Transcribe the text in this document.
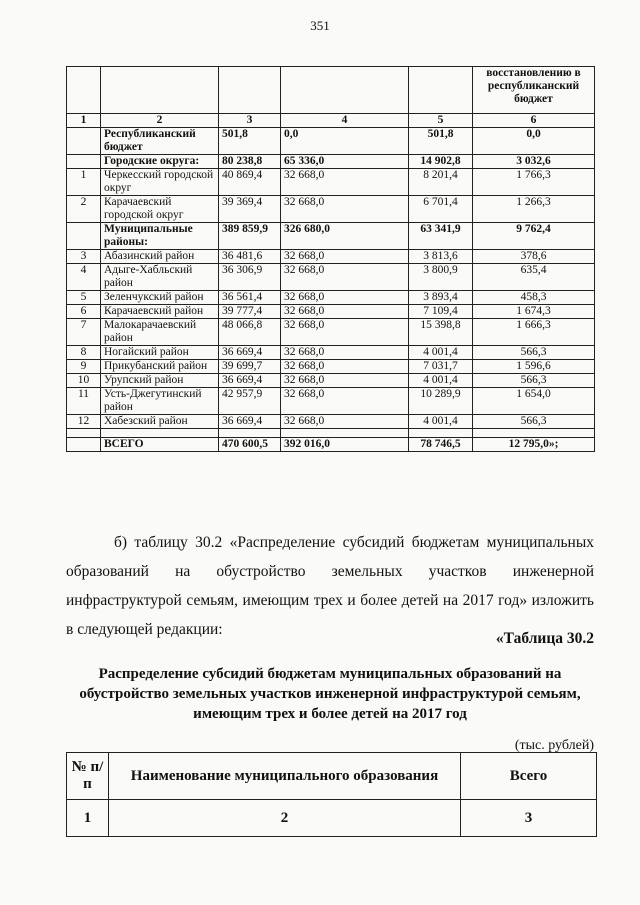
351
					восстановлению в республиканский бюджет
1	2	3	4	5	6
	Республиканский бюджет	501,8	0,0	501,8	0,0
	Городские округа:	80 238,8	65 336,0	14 902,8	3 032,6
1	Черкесский городской округ	40 869,4	32 668,0	8 201,4	1 766,3
2	Карачаевский городской округ	39 369,4	32 668,0	6 701,4	1 266,3
	Муниципальные районы:	389 859,9	326 680,0	63 341,9	9 762,4
3	Абазинский район	36 481,6	32 668,0	3 813,6	378,6
4	Адыге-Хабльский район	36 306,9	32 668,0	3 800,9	635,4
5	Зеленчукский район	36 561,4	32 668,0	3 893,4	458,3
6	Карачаевский район	39 777,4	32 668,0	7 109,4	1 674,3
7	Малокарачаевский район	48 066,8	32 668,0	15 398,8	1 666,3
8	Ногайский район	36 669,4	32 668,0	4 001,4	566,3
9	Прикубанский район	39 699,7	32 668,0	7 031,7	1 596,6
10	Урупский район	36 669,4	32 668,0	4 001,4	566,3
11	Усть-Джегутинский район	42 957,9	32 668,0	10 289,9	1 654,0
12	Хабезский район	36 669,4	32 668,0	4 001,4	566,3

	ВСЕГО	470 600,5	392 016,0	78 746,5	12 795,0»;
б) таблицу 30.2 «Распределение субсидий бюджетам муниципальных образований на обустройство земельных участков инженерной инфраструктурой семьям, имеющим трех и более детей на 2017 год» изложить в следующей редакции:
«Таблица 30.2
Распределение субсидий бюджетам муниципальных образований на обустройство земельных участков инженерной инфраструктурой семьям, имеющим трех и более детей на 2017 год
(тыс. рублей)
№ п/п	Наименование муниципального образования	Всего
1	2	3
